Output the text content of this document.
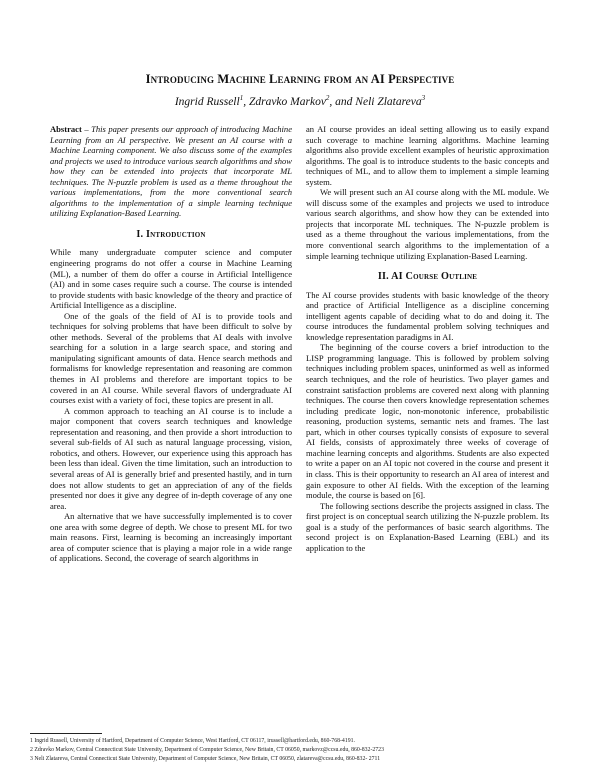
Introducing Machine Learning from an AI Perspective
Ingrid Russell$^1$, Zdravko Markov$^2$, and Neli Zlatareva$^3$

Abstract – This paper presents our approach of introducing Machine Learning from an AI perspective. We present an AI course with a Machine Learning component. We also discuss some of the examples and projects we used to introduce various search algorithms and show how they can be extended into projects that incorporate ML techniques. The N-puzzle problem is used as a theme throughout the various implementations, from the more conventional search algorithms to the implementation of a simple learning technique utilizing Explanation-Based Learning.

I. Introduction

While many undergraduate computer science and computer engineering programs do not offer a course in Machine Learning (ML), a number of them do offer a course in Artificial Intelligence (AI) and in some cases require such a course. The course is intended to provide students with basic knowledge of the theory and practice of Artificial Intelligence as a discipline.

One of the goals of the field of AI is to provide tools and techniques for solving problems that have been difficult to solve by other methods. Several of the problems that AI deals with involve searching for a solution in a large search space, and storing and manipulating significant amounts of data. Hence search methods and formalisms for knowledge representation and reasoning are common themes in AI problems and therefore are important topics to be covered in an AI course. While several flavors of undergraduate AI courses exist with a variety of foci, these topics are present in all.

A common approach to teaching an AI course is to include a major component that covers search techniques and knowledge representation and reasoning, and then provide a short introduction to several sub-fields of AI such as natural language processing, vision, robotics, and others. However, our experience using this approach has been less than ideal. Given the time limitation, such an introduction to several areas of AI is generally brief and presented hastily, and in turn does not allow students to get an appreciation of any of the fields presented nor does it give any degree of in-depth coverage of any one area.

An alternative that we have successfully implemented is to cover one area with some degree of depth. We chose to present ML for two main reasons. First, learning is becoming an increasingly important area of computer science that is playing a major role in a wide range of applications. Second, the coverage of search algorithms in

an AI course provides an ideal setting allowing us to easily expand such coverage to machine learning algorithms. Machine learning algorithms also provide excellent examples of heuristic approximation algorithms. The goal is to introduce students to the basic concepts and techniques of ML, and to allow them to implement a simple learning system.

We will present such an AI course along with the ML module. We will discuss some of the examples and projects we used to introduce various search algorithms, and show how they can be extended into projects that incorporate ML techniques. The N-puzzle problem is used as a theme throughout the various implementations, from the more conventional search algorithms to the implementation of a simple learning technique utilizing Explanation-Based Learning.

II. AI Course Outline

The AI course provides students with basic knowledge of the theory and practice of Artificial Intelligence as a discipline concerning intelligent agents capable of deciding what to do and doing it. The course introduces the fundamental problem solving techniques and knowledge representation paradigms in AI.

The beginning of the course covers a brief introduction to the LISP programming language. This is followed by problem solving techniques including problem spaces, uninformed as well as informed search techniques, and the role of heuristics. Two player games and constraint satisfaction problems are covered next along with planning techniques. The course then covers knowledge representation schemes including predicate logic, non-monotonic inference, probabilistic reasoning, production systems, semantic nets and frames. The last part, which in other courses typically consists of exposure to several AI fields, consists of approximately three weeks of coverage of machine learning concepts and algorithms. Students are also expected to write a paper on an AI topic not covered in the course and present it in class. This is their opportunity to research an AI area of interest and gain exposure to other AI fields. With the exception of the learning module, the course is based on [6].

The following sections describe the projects assigned in class. The first project is on conceptual search utilizing the N-puzzle problem. Its goal is a study of the performances of basic search algorithms. The second project is on Explanation-Based Learning (EBL) and its application to the

1 Ingrid Russell, University of Hartford, Department of Computer Science, West Hartford, CT 06117, irussell@hartford.edu, 860-768-4191.
2 Zdravko Markov, Central Connecticut State University, Department of Computer Science, New Britain, CT 06050, markovz@ccsu.edu, 860-832-2723
3 Neli Zlatareva, Central Connecticut State University, Department of Computer Science, New Britain, CT 06050, zlatareva@ccsu.edu, 860-832- 2711
